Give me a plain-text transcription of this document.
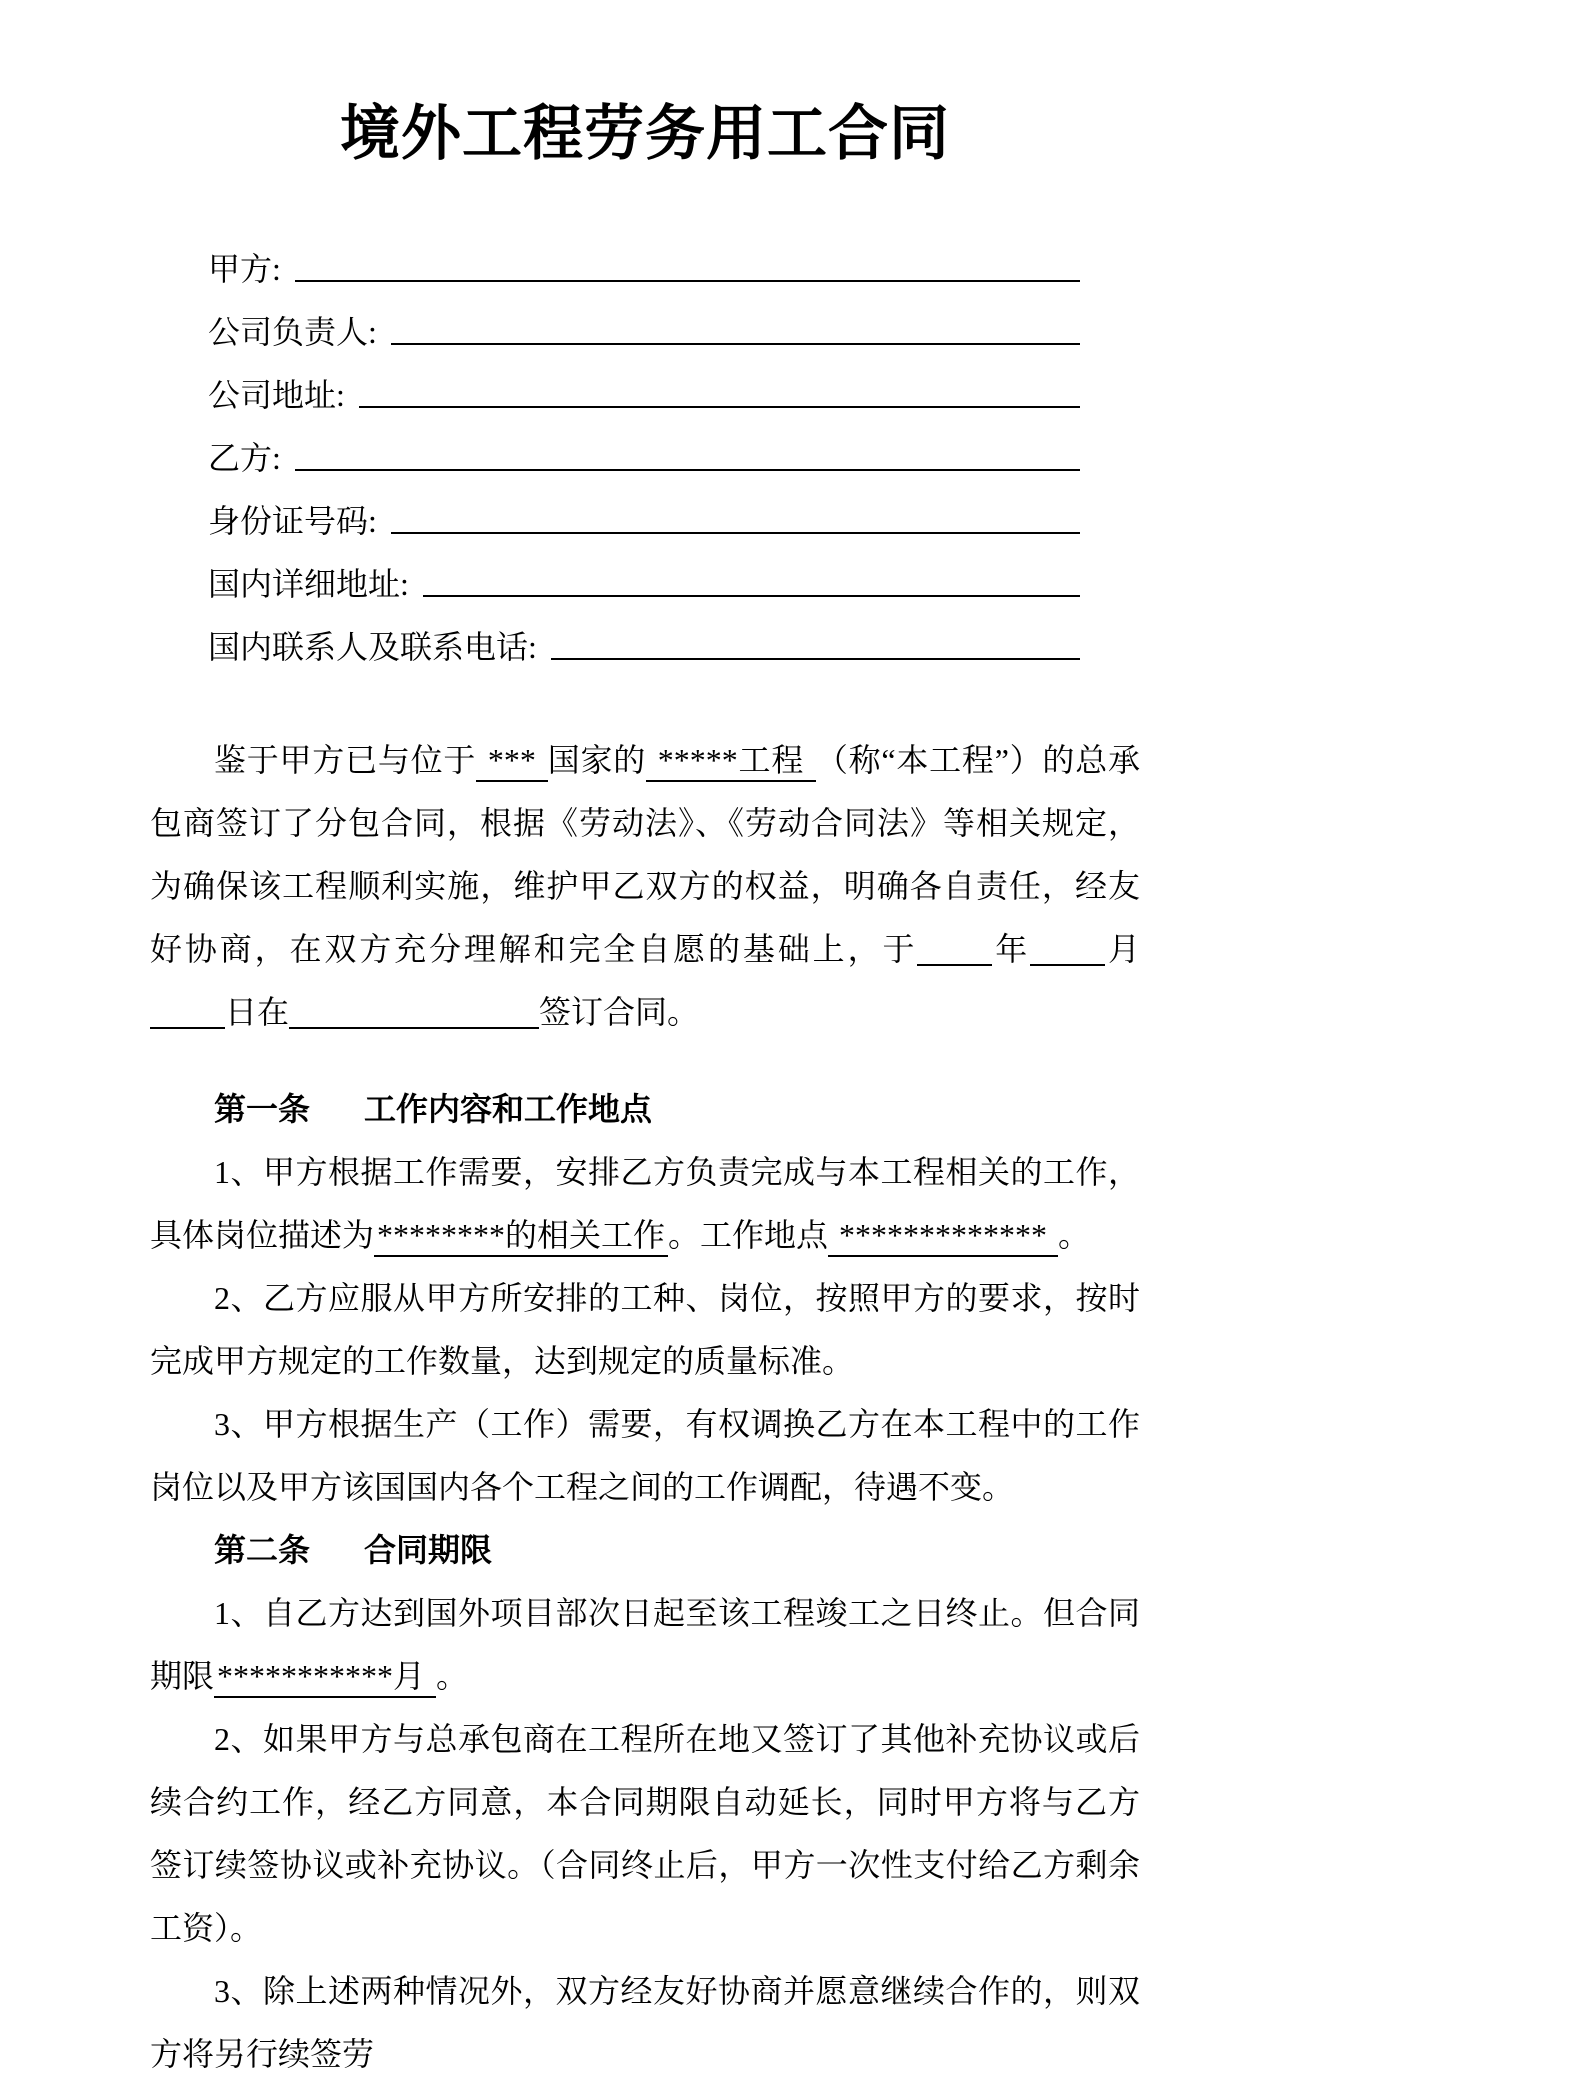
境外工程劳务用工合同
甲方:
公司负责人:
公司地址:
乙方:
身份证号码:
国内详细地址:
国内联系人及联系电话:

鉴于甲方已与位于 *** 国家的 *****工程 （称“本工程”）的总承包商签订了分包合同，根据《劳动法》、《劳动合同法》等相关规定，为确保该工程顺利实施，维护甲乙双方的权益，明确各自责任，经友好协商，在双方充分理解和完全自愿的基础上，于 年 月日在	签订合同。

第一条 工作内容和工作地点

1、甲方根据工作需要，安排乙方负责完成与本工程相关的工作，具体岗位描述为********的相关工作。工作地点 ************* 。

2、乙方应服从甲方所安排的工种、岗位，按照甲方的要求，按时完成甲方规定的工作数量，达到规定的质量标准。

3、甲方根据生产（工作）需要，有权调换乙方在本工程中的工作岗位以及甲方该国国内各个工程之间的工作调配，待遇不变。

第二条 合同期限

1、自乙方达到国外项目部次日起至该工程竣工之日终止。但合同期限***********月 。

2、如果甲方与总承包商在工程所在地又签订了其他补充协议或后续合约工作，经乙方同意，本合同期限自动延长，同时甲方将与乙方签订续签协议或补充协议。（合同终止后，甲方一次性支付给乙方剩余工资）。

3、除上述两种情况外，双方经友好协商并愿意继续合作的，则双方将另行续签劳
